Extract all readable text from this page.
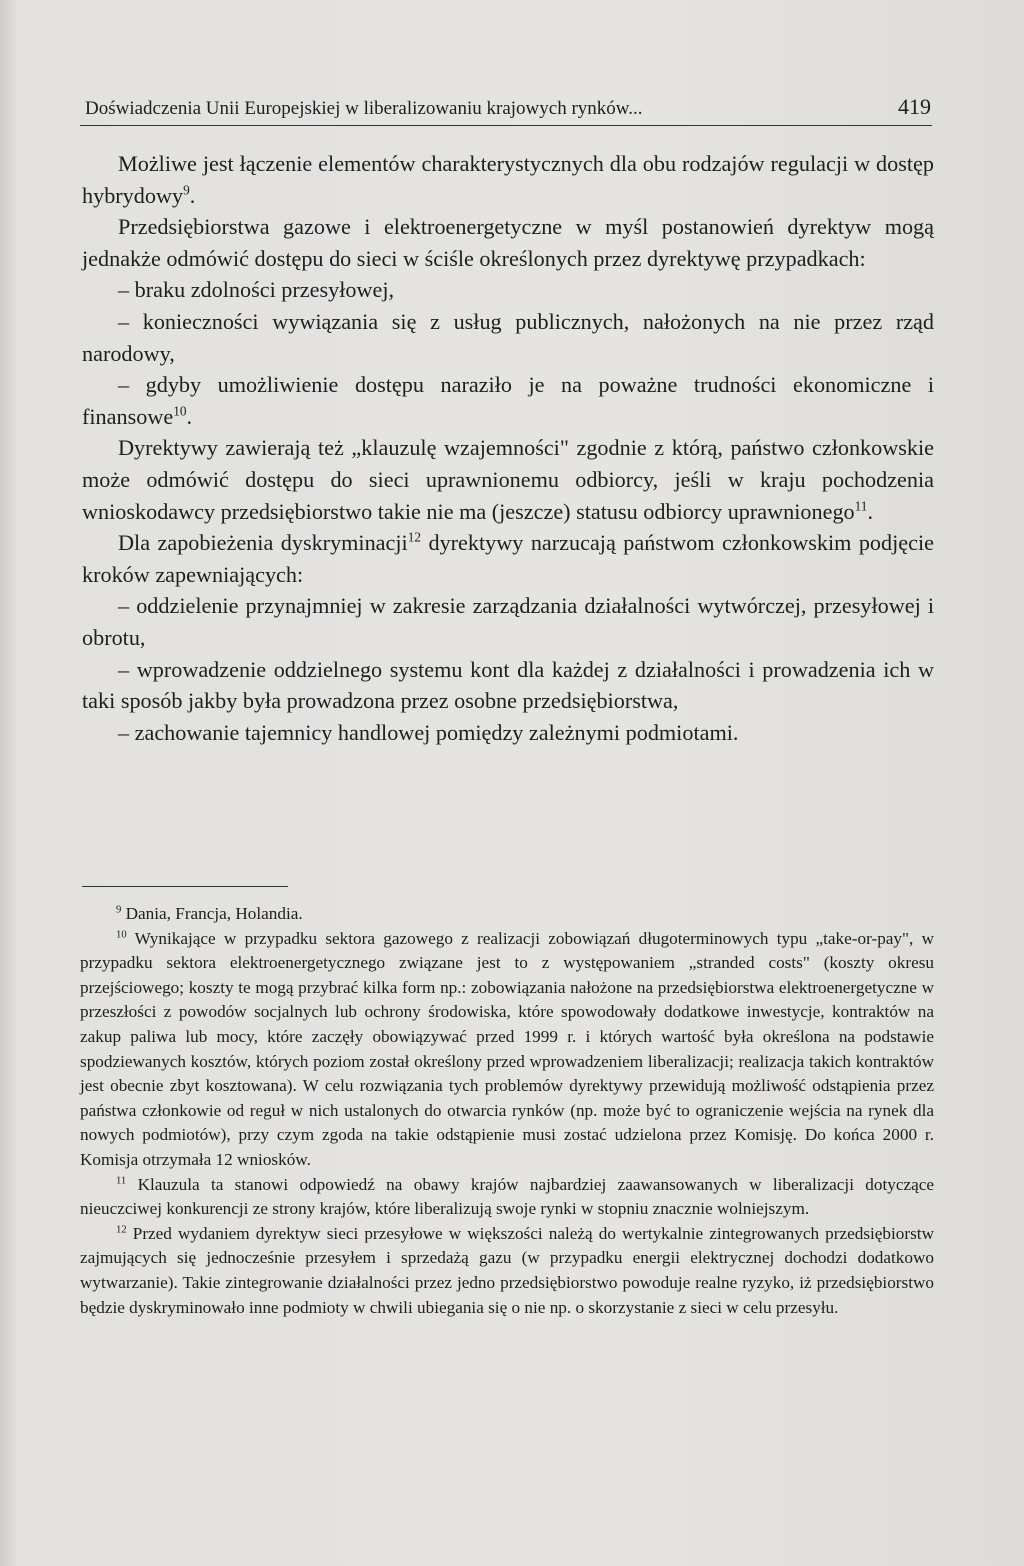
Doświadczenia Unii Europejskiej w liberalizowaniu krajowych rynków...	419

Możliwe jest łączenie elementów charakterystycznych dla obu rodzajów regulacji w dostęp hybrydowy$^9$.

Przedsiębiorstwa gazowe i elektroenergetyczne w myśl postanowień dyrektyw mogą jednakże odmówić dostępu do sieci w ściśle określonych przez dyrektywę przypadkach:

– braku zdolności przesyłowej,

– konieczności wywiązania się z usług publicznych, nałożonych na nie przez rząd narodowy,

– gdyby umożliwienie dostępu naraziło je na poważne trudności ekonomiczne i finansowe$^{10}$.

Dyrektywy zawierają też „klauzulę wzajemności" zgodnie z którą, państwo członkowskie może odmówić dostępu do sieci uprawnionemu odbiorcy, jeśli w kraju pochodzenia wnioskodawcy przedsiębiorstwo takie nie ma (jeszcze) statusu odbiorcy uprawnionego$^{11}$.

Dla zapobieżenia dyskryminacji$^{12}$ dyrektywy narzucają państwom członkowskim podjęcie kroków zapewniających:

– oddzielenie przynajmniej w zakresie zarządzania działalności wytwórczej, przesyłowej i obrotu,

– wprowadzenie oddzielnego systemu kont dla każdej z działalności i prowadzenia ich w taki sposób jakby była prowadzona przez osobne przedsiębiorstwa,

– zachowanie tajemnicy handlowej pomiędzy zależnymi podmiotami.

$^9$ Dania, Francja, Holandia.

$^{10}$ Wynikające w przypadku sektora gazowego z realizacji zobowiązań długoterminowych typu „take-or-pay", w przypadku sektora elektroenergetycznego związane jest to z występowaniem „stranded costs" (koszty okresu przejściowego; koszty te mogą przybrać kilka form np.: zobowiązania nałożone na przedsiębiorstwa elektroenergetyczne w przeszłości z powodów socjalnych lub ochrony środowiska, które spowodowały dodatkowe inwestycje, kontraktów na zakup paliwa lub mocy, które zaczęły obowiązywać przed 1999 r. i których wartość była określona na podstawie spodziewanych kosztów, których poziom został określony przed wprowadzeniem liberalizacji; realizacja takich kontraktów jest obecnie zbyt kosztowana). W celu rozwiązania tych problemów dyrektywy przewidują możliwość odstąpienia przez państwa członkowie od reguł w nich ustalonych do otwarcia rynków (np. może być to ograniczenie wejścia na rynek dla nowych podmiotów), przy czym zgoda na takie odstąpienie musi zostać udzielona przez Komisję. Do końca 2000 r. Komisja otrzymała 12 wniosków.

$^{11}$ Klauzula ta stanowi odpowiedź na obawy krajów najbardziej zaawansowanych w liberalizacji dotyczące nieuczciwej konkurencji ze strony krajów, które liberalizują swoje rynki w stopniu znacznie wolniejszym.

$^{12}$ Przed wydaniem dyrektyw sieci przesyłowe w większości należą do wertykalnie zintegrowanych przedsiębiorstw zajmujących się jednocześnie przesyłem i sprzedażą gazu (w przypadku energii elektrycznej dochodzi dodatkowo wytwarzanie). Takie zintegrowanie działalności przez jedno przedsiębiorstwo powoduje realne ryzyko, iż przedsiębiorstwo będzie dyskryminowało inne podmioty w chwili ubiegania się o nie np. o skorzystanie z sieci w celu przesyłu.
